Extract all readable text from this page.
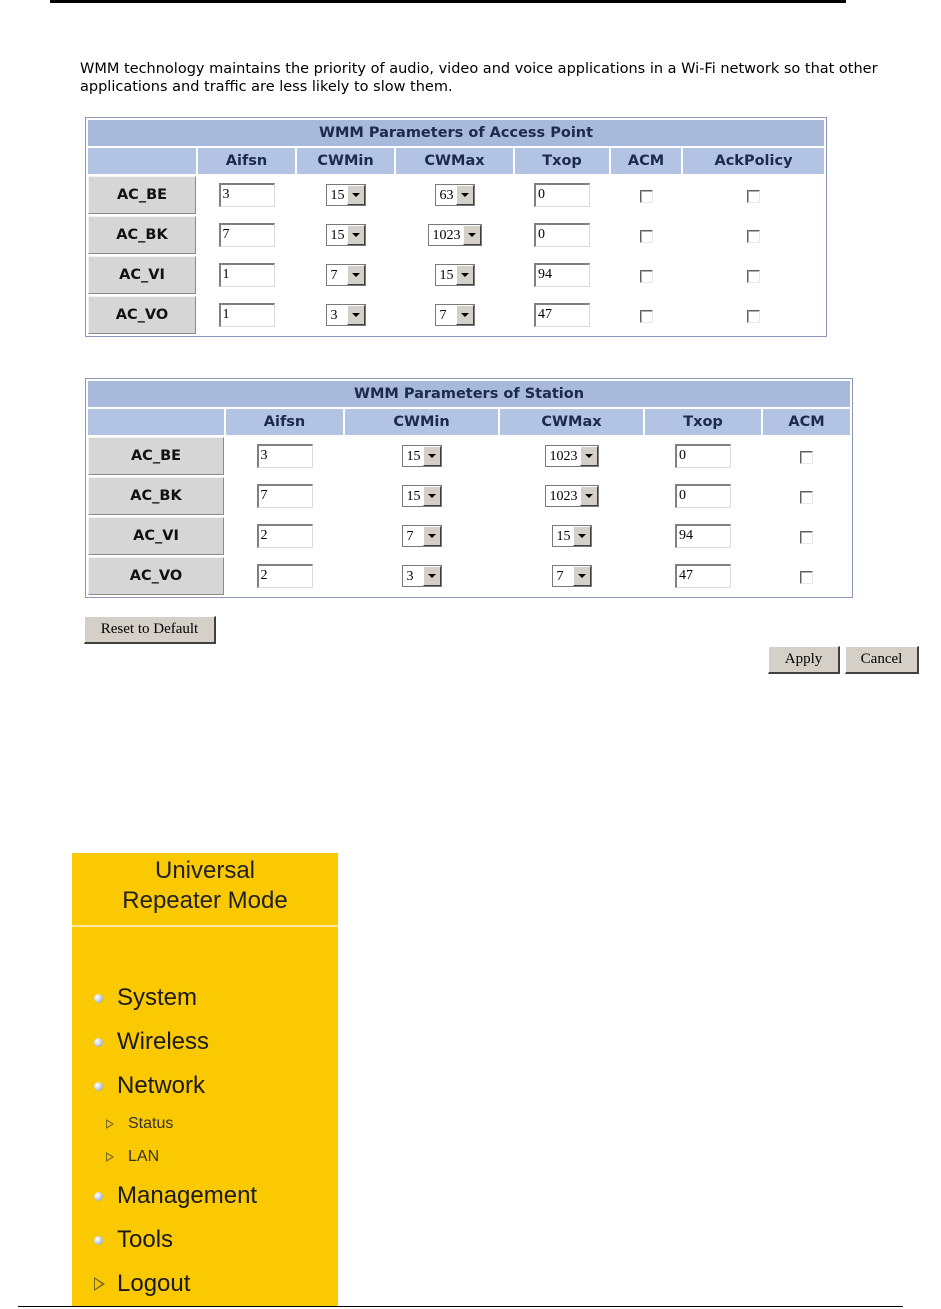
WMM technology maintains the priority of audio, video and voice applications in a Wi-Fi network so that other applications and traffic are less likely to slow them.

WMM Parameters of Access Point						
	Aifsn	CWMin	CWMax	Txop	ACM	AckPolicy
AC_BE	3	15	63	0		
AC_BK	7	15	1023	0		
AC_VI	1	7	15	94		
AC_VO	1	3	7	47		
WMM Parameters of Station					
	Aifsn	CWMin	CWMax	Txop	ACM
AC_BE	3	15	1023	0	
AC_BK	7	15	1023	0	
AC_VI	2	7	15	94	
AC_VO	2	3	7	47	
Reset to Default
Apply	Cancel
Universal
Repeater Mode
System
Wireless
Network
Status
LAN
Management
Tools
Logout
